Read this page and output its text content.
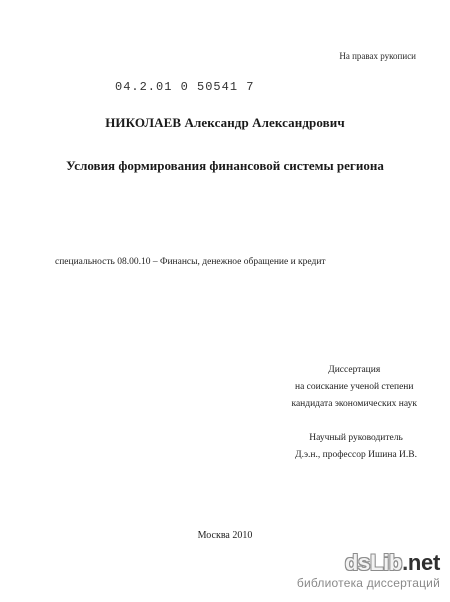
На правах рукописи
04.2.01 0 50541 7
НИКОЛАЕВ Александр Александрович
Условия формирования финансовой системы региона
специальность 08.00.10 – Финансы, денежное обращение и кредит
Диссертация
на соискание ученой степени
кандидата экономических наук
Научный руководитель
Д.э.н., профессор Ишина И.В.
Москва 2010
dsLib.net
библиотека диссертаций
